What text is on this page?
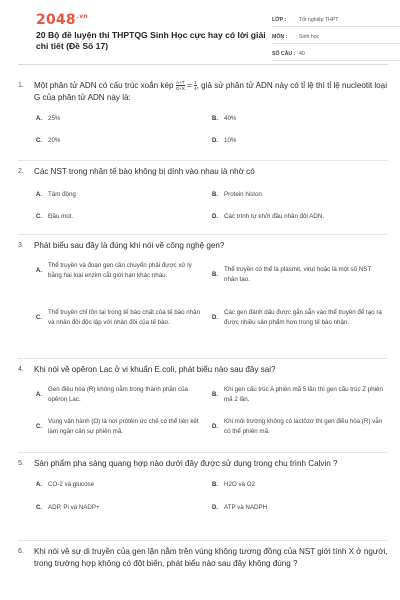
$2048^{.vn}$
20 Bộ đề luyện thi THPTQG Sinh Học cực hay có lời giải chi tiết (Đề Số 17)
LỚP :	Tốt nghiệp THPT
MÔN :	Sinh học
SỐ CÂU : 40
1.	Một phân tử ADN có cấu trúc xoắn kép $\frac{A+T}{G+X} = \frac{1}{4}$ , giả sử phân tử ADN này có tỉ lệ thì tỉ lệ nucleotit loại G của phân tử ADN này là:
A. 25%	B. 40%
C. 20%	D. 10%
2.	Các NST trong nhân tế bào không bị dính vào nhau là nhờ có
A. Tâm động	B. Protein histon.
C. Đầu mút.	D. Các trình tự khởi đầu nhân đôi ADN.
3.	Phát biểu sau đây là đúng khi nói về công nghệ gen?
A.
Thể truyền và đoạn gen cần chuyển phải được xử lý bằng hai loại enzim cắt giới hạn khác nhau.	B.
Thể truyền có thể là plasmit, virut hoặc là một số NST nhân tạo.
C.
Thể truyền chỉ tồn tại trong tế bào chất của tế bào nhận và nhân đôi độc lập với nhân đôi của tế bào.
D.
Các gen đánh dấu được gắn sẵn vào thể truyền để tạo ra được nhiều sản phẩm hơn trong tế bào nhận.
4.	Khi nói về opêron Lac ở vi khuẩn E.coli, phát biểu nào sau đây sai?
A.
Gen điều hòa (R) không nằm trong thành phần của opêron Lac.
B.
Khi gen cấu trúc A phiên mã 5 lần thì gen cấu trúc Z phiên mã 2 lần.
C.
Vùng vận hành (O) là nơi prôtêin ức chế có thể liên kết làm ngăn cản sự phiên mã.
D.
Khi môi trường không có lactôzơ thì gen điều hòa (R) vẫn có thể phiên mã.
5.	Sản phẩm pha sáng quang hợp nào dưới đây được sử dụng trong chu trình Calvin ?
A. CO-2 và glucose	B. H2O và O2
C. ADP, Pi và NADP+	D. ATP và NADPH
6.	Khi nói về sự di truyền của gen lặn nằm trên vùng không tương đồng của NST giới tính X ở người, trong trường hợp không có đột biến, phát biểu nào sau đây không đúng ?
